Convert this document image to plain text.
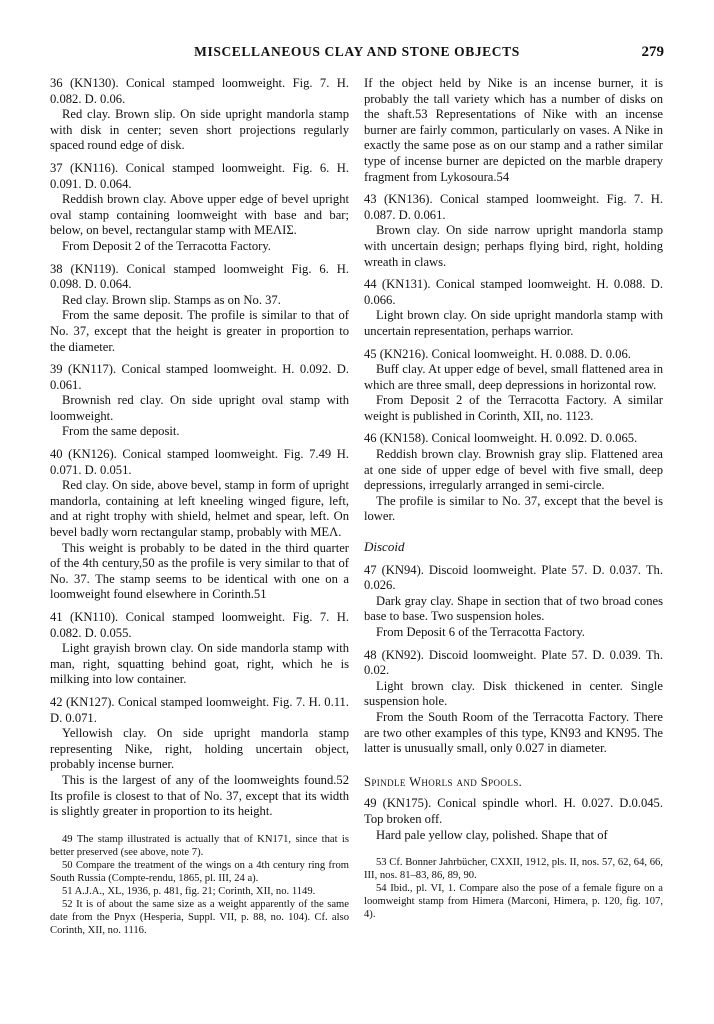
MISCELLANEOUS CLAY AND STONE OBJECTS	279

36 (KN130). Conical stamped loomweight. Fig. 7. H. 0.082. D. 0.06.

Red clay. Brown slip. On side upright mandorla stamp with disk in center; seven short projections regularly spaced round edge of disk.

37 (KN116). Conical stamped loomweight. Fig. 6. H. 0.091. D. 0.064.

Reddish brown clay. Above upper edge of bevel upright oval stamp containing loomweight with base and bar; below, on bevel, rectangular stamp with ΜΕΛΙΣ.

From Deposit 2 of the Terracotta Factory.

38 (KN119). Conical stamped loomweight Fig. 6. H. 0.098. D. 0.064.

Red clay. Brown slip. Stamps as on No. 37.

From the same deposit. The profile is similar to that of No. 37, except that the height is greater in proportion to the diameter.

39 (KN117). Conical stamped loomweight. H. 0.092. D. 0.061.

Brownish red clay. On side upright oval stamp with loomweight.

From the same deposit.

40 (KN126). Conical stamped loomweight. Fig. 7.49 H. 0.071. D. 0.051.

Red clay. On side, above bevel, stamp in form of upright mandorla, containing at left kneeling winged figure, left, and at right trophy with shield, helmet and spear, left. On bevel badly worn rectangular stamp, probably with ΜΕΛ.

This weight is probably to be dated in the third quarter of the 4th century,50 as the profile is very similar to that of No. 37. The stamp seems to be identical with one on a loomweight found elsewhere in Corinth.51

41 (KN110). Conical stamped loomweight. Fig. 7. H. 0.082. D. 0.055.

Light grayish brown clay. On side mandorla stamp with man, right, squatting behind goat, right, which he is milking into low container.

42 (KN127). Conical stamped loomweight. Fig. 7. H. 0.11. D. 0.071.

Yellowish clay. On side upright mandorla stamp representing Nike, right, holding uncertain object, probably incense burner.

This is the largest of any of the loomweights found.52 Its profile is closest to that of No. 37, except that its width is slightly greater in proportion to its height.

49 The stamp illustrated is actually that of KN171, since that is better preserved (see above, note 7).

50 Compare the treatment of the wings on a 4th century ring from South Russia (Compte-rendu, 1865, pl. III, 24 a).

51 A.J.A., XL, 1936, p. 481, fig. 21; Corinth, XII, no. 1149.

52 It is of about the same size as a weight apparently of the same date from the Pnyx (Hesperia, Suppl. VII, p. 88, no. 104). Cf. also Corinth, XII, no. 1116.

If the object held by Nike is an incense burner, it is probably the tall variety which has a number of disks on the shaft.53 Representations of Nike with an incense burner are fairly common, particularly on vases. A Nike in exactly the same pose as on our stamp and a rather similar type of incense burner are depicted on the marble drapery fragment from Lykosoura.54

43 (KN136). Conical stamped loomweight. Fig. 7. H. 0.087. D. 0.061.

Brown clay. On side narrow upright mandorla stamp with uncertain design; perhaps flying bird, right, holding wreath in claws.

44 (KN131). Conical stamped loomweight. H. 0.088. D. 0.066.

Light brown clay. On side upright mandorla stamp with uncertain representation, perhaps warrior.

45 (KN216). Conical loomweight. H. 0.088. D. 0.06.

Buff clay. At upper edge of bevel, small flattened area in which are three small, deep depressions in horizontal row.

From Deposit 2 of the Terracotta Factory. A similar weight is published in Corinth, XII, no. 1123.

46 (KN158). Conical loomweight. H. 0.092. D. 0.065.

Reddish brown clay. Brownish gray slip. Flattened area at one side of upper edge of bevel with five small, deep depressions, irregularly arranged in semi-circle.

The profile is similar to No. 37, except that the bevel is lower.

Discoid

47 (KN94). Discoid loomweight. Plate 57. D. 0.037. Th. 0.026.

Dark gray clay. Shape in section that of two broad cones base to base. Two suspension holes.

From Deposit 6 of the Terracotta Factory.

48 (KN92). Discoid loomweight. Plate 57. D. 0.039. Th. 0.02.

Light brown clay. Disk thickened in center. Single suspension hole.

From the South Room of the Terracotta Factory. There are two other examples of this type, KN93 and KN95. The latter is unusually small, only 0.027 in diameter.

Spindle Whorls and Spools.

49 (KN175). Conical spindle whorl. H. 0.027. D.0.045. Top broken off.

Hard pale yellow clay, polished. Shape that of

53 Cf. Bonner Jahrbücher, CXXII, 1912, pls. II, nos. 57, 62, 64, 66, III, nos. 81–83, 86, 89, 90.

54 Ibid., pl. VI, 1. Compare also the pose of a female figure on a loomweight stamp from Himera (Marconi, Himera, p. 120, fig. 107, 4).
